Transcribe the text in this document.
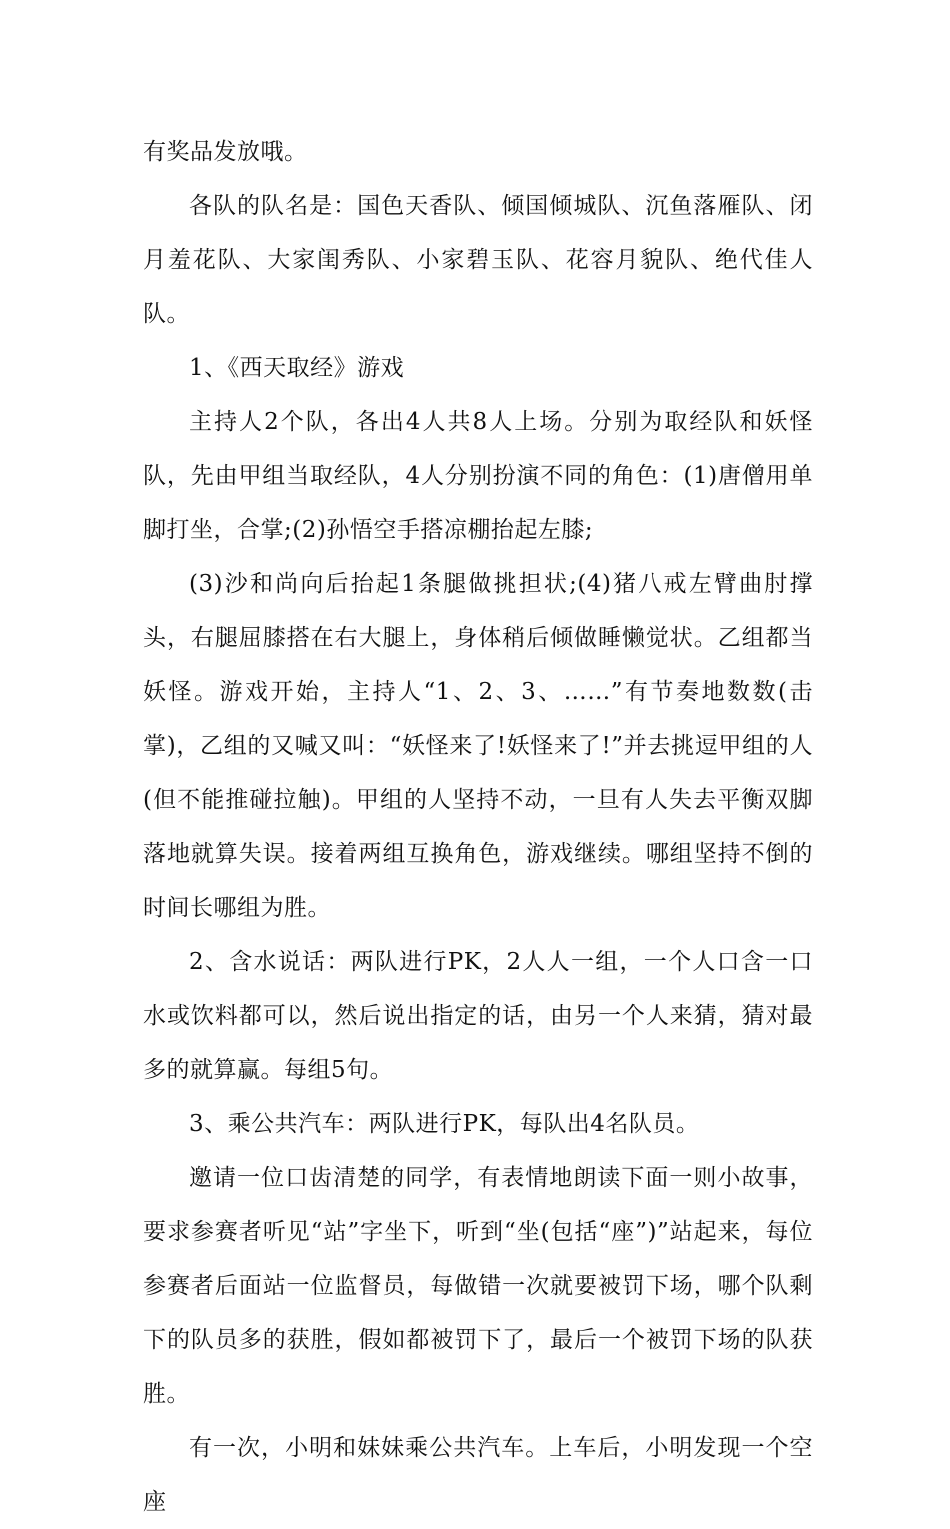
有奖品发放哦。

各队的队名是：国色天香队、倾国倾城队、沉鱼落雁队、闭月羞花队、大家闺秀队、小家碧玉队、花容月貌队、绝代佳人队。

1、《西天取经》游戏

主持人2个队，各出4人共8人上场。分别为取经队和妖怪队，先由甲组当取经队，4人分别扮演不同的角色：(1)唐僧用单脚打坐，合掌;(2)孙悟空手搭凉棚抬起左膝;

(3)沙和尚向后抬起1条腿做挑担状;(4)猪八戒左臂曲肘撑头，右腿屈膝搭在右大腿上，身体稍后倾做睡懒觉状。乙组都当妖怪。游戏开始，主持人“1、2、3、……”有节奏地数数(击掌)，乙组的又喊又叫：“妖怪来了!妖怪来了!”并去挑逗甲组的人(但不能推碰拉触)。甲组的人坚持不动，一旦有人失去平衡双脚落地就算失误。接着两组互换角色，游戏继续。哪组坚持不倒的时间长哪组为胜。

2、含水说话：两队进行PK，2人人一组，一个人口含一口水或饮料都可以，然后说出指定的话，由另一个人来猜，猜对最多的就算赢。每组5句。

3、乘公共汽车：两队进行PK，每队出4名队员。

邀请一位口齿清楚的同学，有表情地朗读下面一则小故事，要求参赛者听见“站”字坐下，听到“坐(包括“座”)”站起来，每位参赛者后面站一位监督员，每做错一次就要被罚下场，哪个队剩下的队员多的获胜，假如都被罚下了，最后一个被罚下场的队获胜。

有一次，小明和妹妹乘公共汽车。上车后，小明发现一个空座
